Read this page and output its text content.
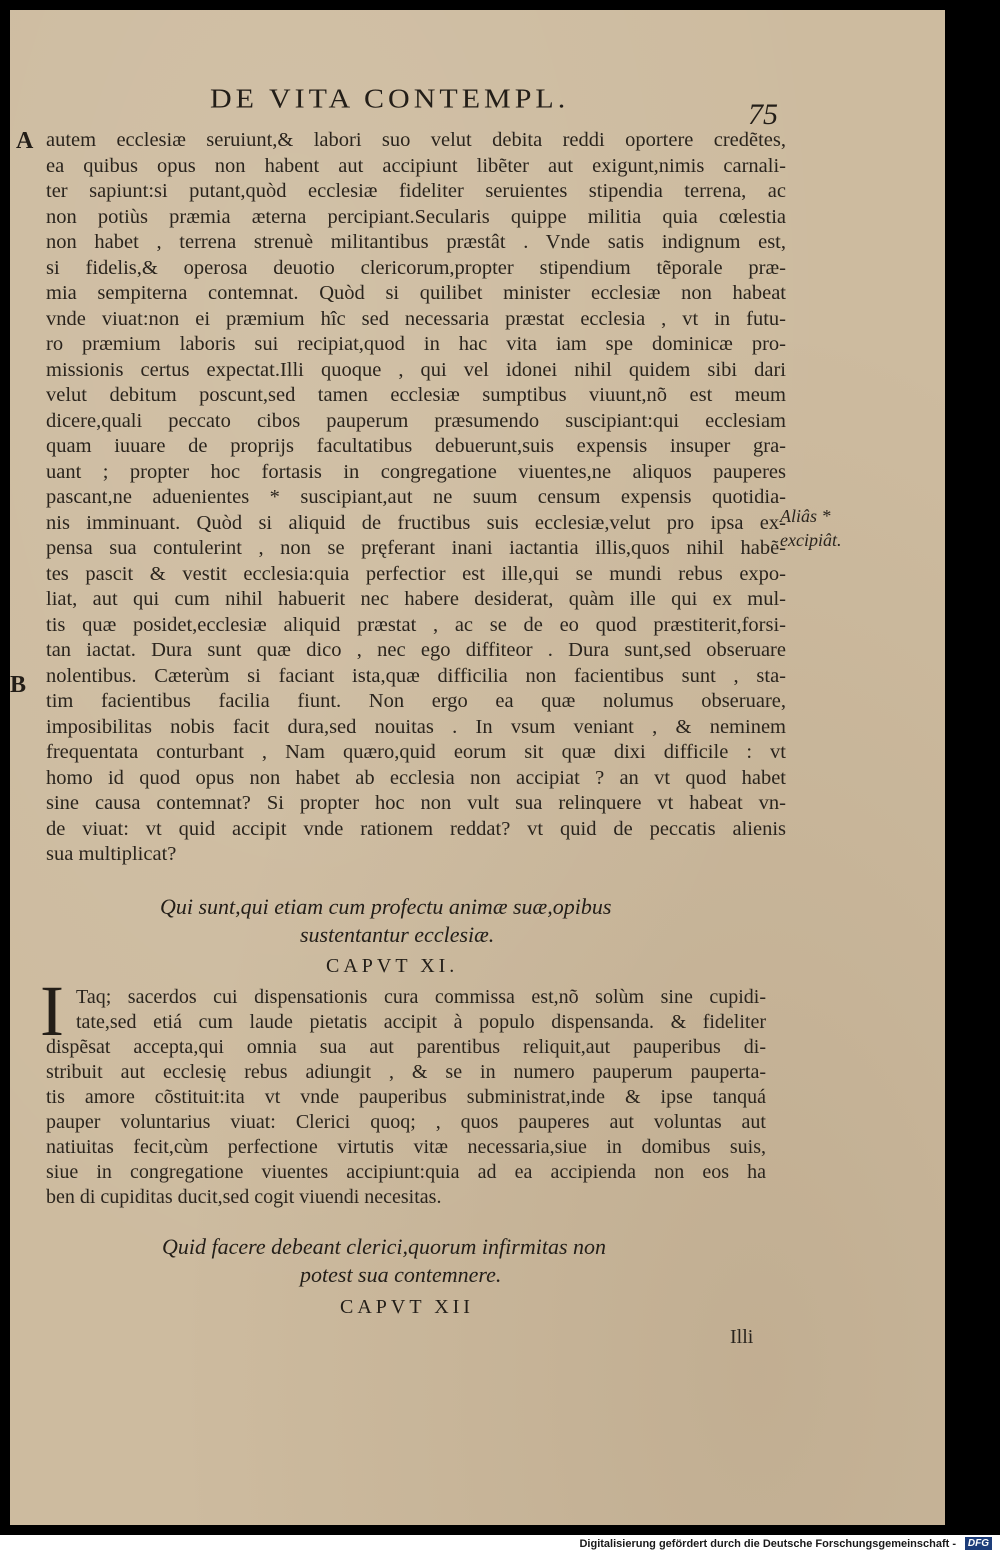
DE VITA CONTEMPL.	75
A
B
autem ecclesiæ seruiunt,& labori suo velut debita reddi oportere credẽtes,
ea quibus opus non habent aut accipiunt libẽter aut exigunt,nimis carnali-
ter sapiunt:si putant,quòd ecclesiæ fideliter seruientes stipendia terrena, ac
non potiùs præmia æterna percipiant.Secularis quippe militia quia cœlestia
non habet , terrena strenuè militantibus præstât . Vnde satis indignum est,
si fidelis,& operosa deuotio clericorum,propter stipendium tẽporale præ-
mia sempiterna contemnat. Quòd si quilibet minister ecclesiæ non habeat
vnde viuat:non ei præmium hîc sed necessaria præstat ecclesia , vt in futu-
ro præmium laboris sui recipiat,quod in hac vita iam spe dominicæ pro-
missionis certus expectat.Illi quoque , qui vel idonei nihil quidem sibi dari
velut debitum poscunt,sed tamen ecclesiæ sumptibus viuunt,nõ est meum
dicere,quali peccato cibos pauperum præsumendo suscipiant:qui ecclesiam
quam iuuare de proprijs facultatibus debuerunt,suis expensis insuper gra-
uant ; propter hoc fortasis in congregatione viuentes,ne aliquos pauperes
pascant,ne aduenientes * suscipiant,aut ne suum censum expensis quotidia-
nis imminuant. Quòd si aliquid de fructibus suis ecclesiæ,velut pro ipsa ex-
pensa sua contulerint , non se pręferant inani iactantia illis,quos nihil habẽ-
tes pascit & vestit ecclesia:quia perfectior est ille,qui se mundi rebus expo-
liat, aut qui cum nihil habuerit nec habere desiderat, quàm ille qui ex mul-
tis quæ posidet,ecclesiæ aliquid præstat , ac se de eo quod præstiterit,forsi-
tan iactat. Dura sunt quæ dico , nec ego diffiteor . Dura sunt,sed obseruare
nolentibus. Cæterùm si faciant ista,quæ difficilia non facientibus sunt , sta-
tim facientibus facilia fiunt. Non ergo ea quæ nolumus obseruare,
imposibilitas nobis facit dura,sed nouitas . In vsum veniant , & neminem
frequentata conturbant , Nam quæro,quid eorum sit quæ dixi difficile : vt
homo id quod opus non habet ab ecclesia non accipiat ? an vt quod habet
sine causa contemnat? Si propter hoc non vult sua relinquere vt habeat vn-
de viuat: vt quid accipit vnde rationem reddat? vt quid de peccatis alienis
sua multiplicat?
Aliâs *
excipiât.
Qui sunt,qui etiam cum profectu animæ suæ,opibus
sustentantur ecclesiæ.
CAPVT XI.
I Taq; sacerdos cui dispensationis cura commissa est,nõ solùm sine cupidi-
tate,sed etiá cum laude pietatis accipit à populo dispensanda. & fideliter
dispẽsat accepta,qui omnia sua aut parentibus reliquit,aut pauperibus di-
stribuit aut ecclesię rebus adiungit , & se in numero pauperum pauperta-
tis amore cõstituit:ita vt vnde pauperibus subministrat,inde & ipse tanquá
pauper voluntarius viuat: Clerici quoq; , quos pauperes aut voluntas aut
natiuitas fecit,cùm perfectione virtutis vitæ necessaria,siue in domibus suis,
siue in congregatione viuentes accipiunt:quia ad ea accipienda non eos ha
ben di cupiditas ducit,sed cogit viuendi necesitas.
Quid facere debeant clerici,quorum infirmitas non
potest sua contemnere.
CAPVT XII
Illi
Digitalisierung gefördert durch die Deutsche Forschungsgemeinschaft -	DFG
